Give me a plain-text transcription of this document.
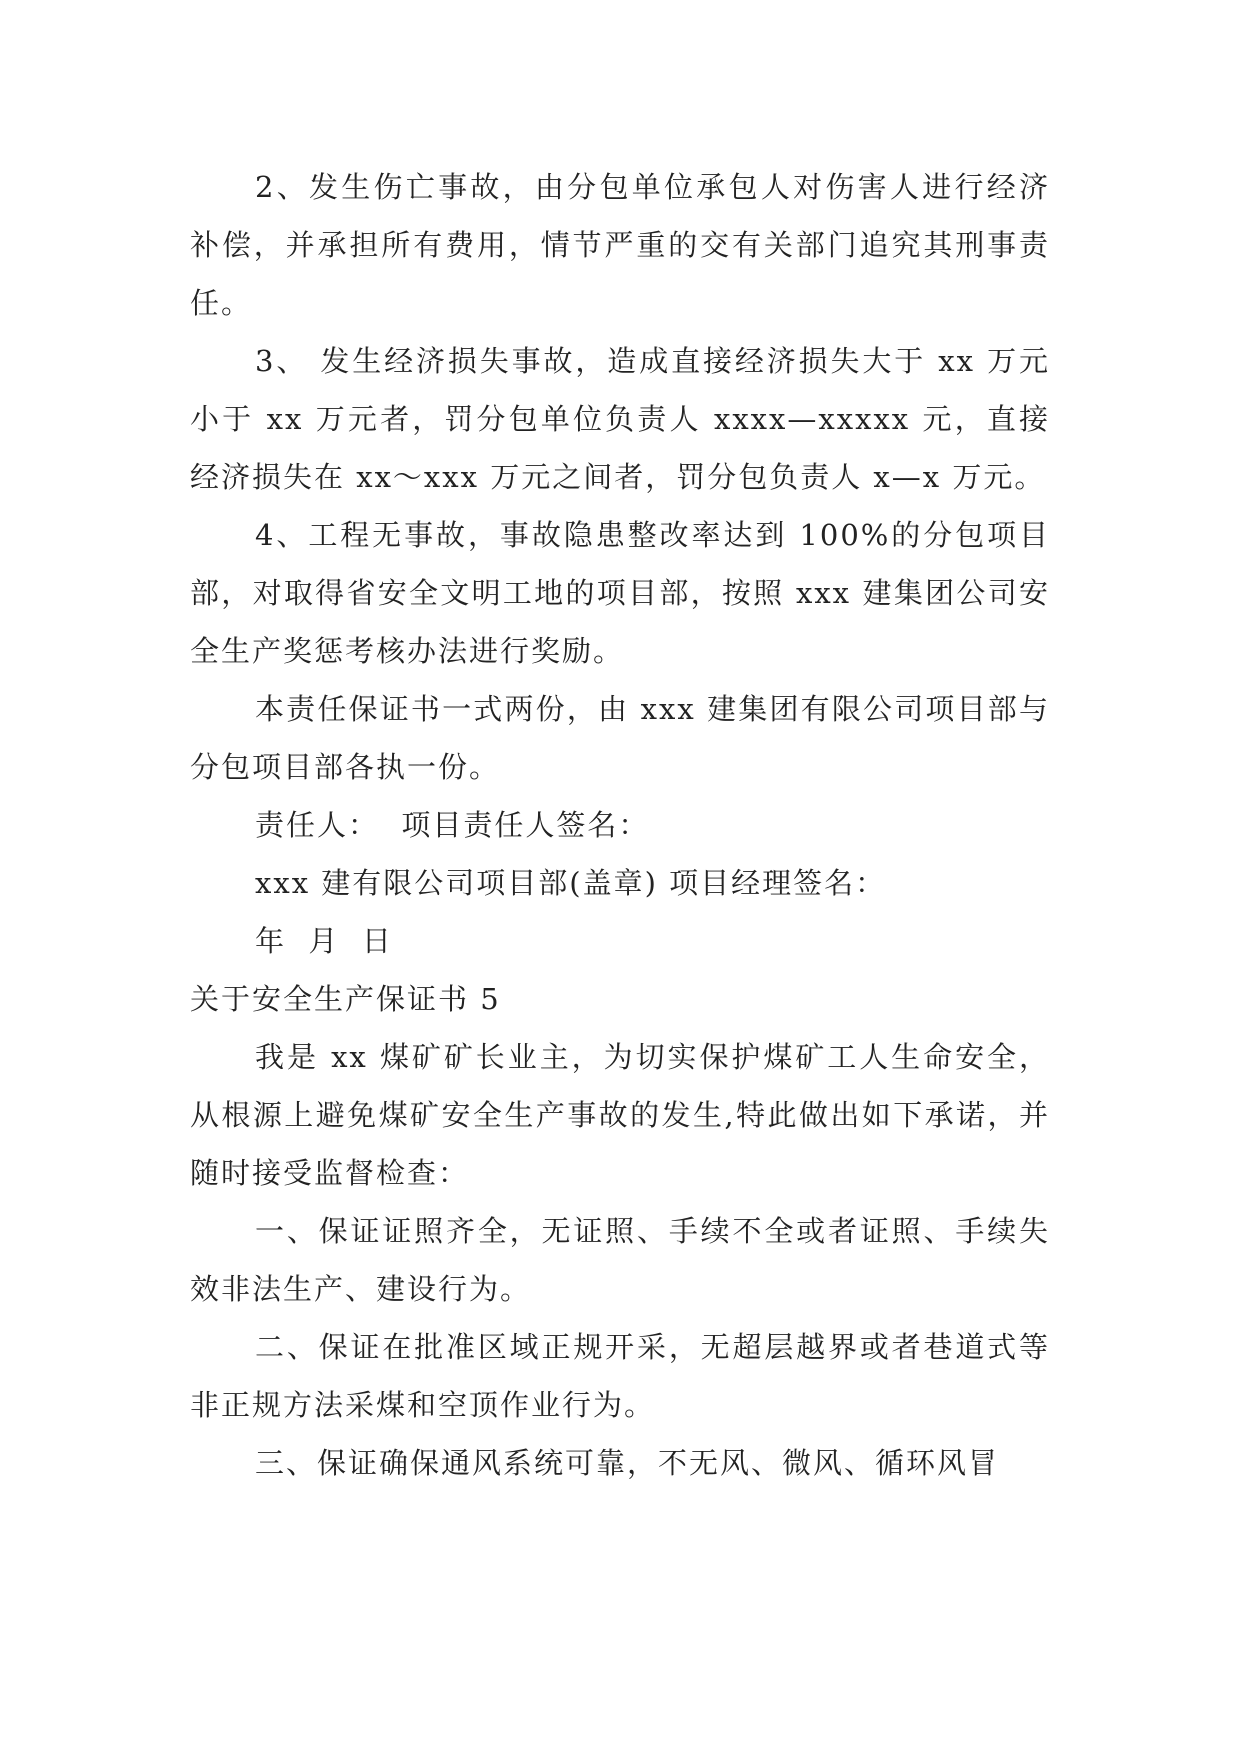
2、发生伤亡事故，由分包单位承包人对伤害人进行经济补偿，并承担所有费用，情节严重的交有关部门追究其刑事责任。

3、 发生经济损失事故，造成直接经济损失大于 xx 万元小于 xx 万元者，罚分包单位负责人 xxxx—xxxxx 元，直接经济损失在 xx～xxx 万元之间者，罚分包负责人 x—x 万元。

4、工程无事故，事故隐患整改率达到 100%的分包项目部，对取得省安全文明工地的项目部，按照 xxx 建集团公司安全生产奖惩考核办法进行奖励。

本责任保证书一式两份，由 xxx 建集团有限公司项目部与分包项目部各执一份。

责任人：  项目责任人签名：

xxx 建有限公司项目部(盖章) 项目经理签名：

年  月  日

关于安全生产保证书 5

我是 xx 煤矿矿长业主，为切实保护煤矿工人生命安全，从根源上避免煤矿安全生产事故的发生,特此做出如下承诺，并随时接受监督检查：

一、保证证照齐全，无证照、手续不全或者证照、手续失效非法生产、建设行为。

二、保证在批准区域正规开采，无超层越界或者巷道式等非正规方法采煤和空顶作业行为。

三、保证确保通风系统可靠，不无风、微风、循环风冒
